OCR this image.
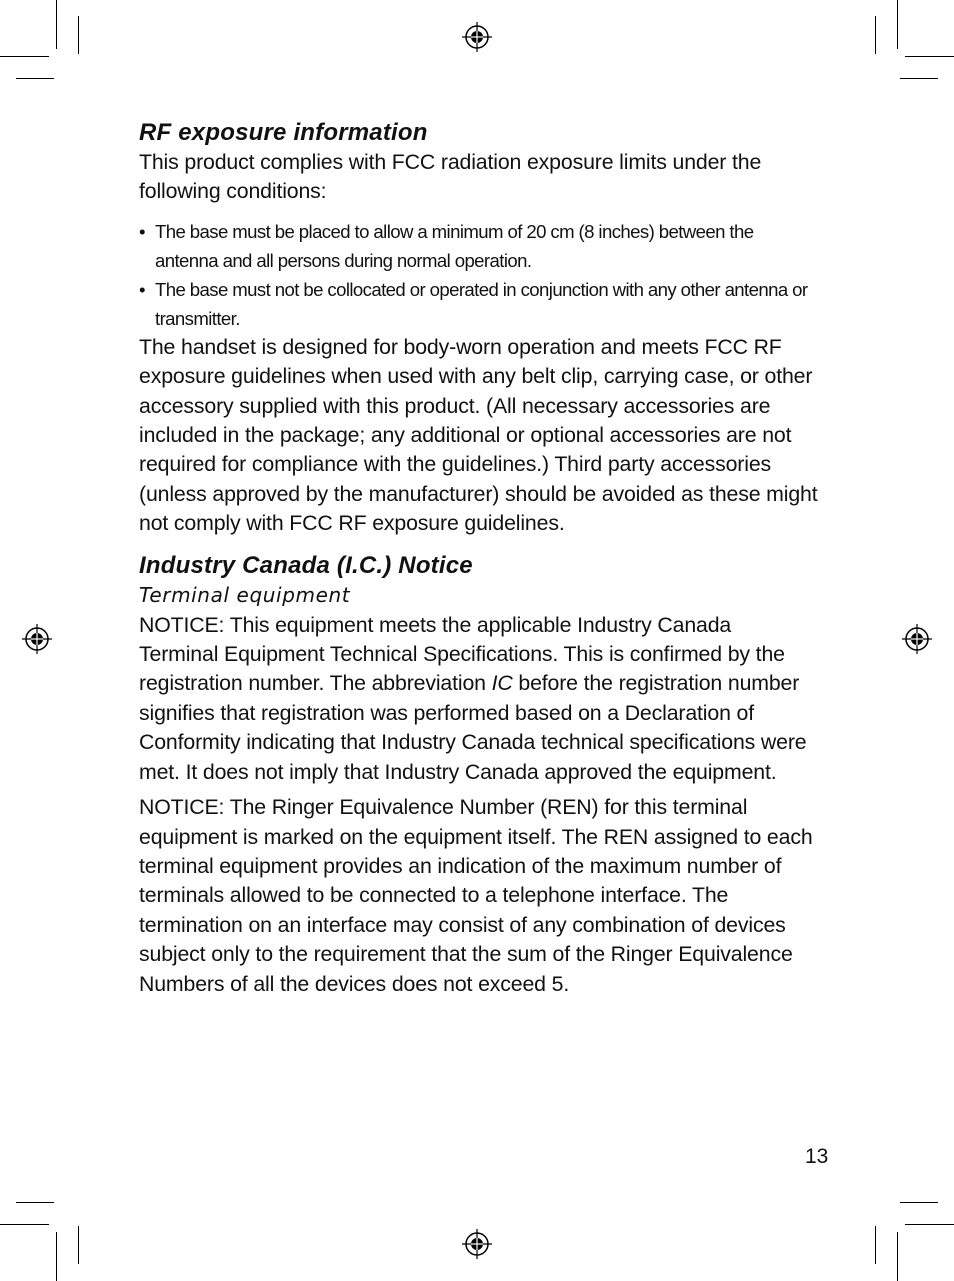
RF exposure information

This product complies with FCC radiation exposure limits under the following conditions:

• The base must be placed to allow a minimum of 20 cm (8 inches) between the antenna and all persons during normal operation.
• The base must not be collocated or operated in conjunction with any other antenna or transmitter.

The handset is designed for body-worn operation and meets FCC RF exposure guidelines when used with any belt clip, carrying case, or other accessory supplied with this product. (All necessary accessories are included in the package; any additional or optional accessories are not required for compliance with the guidelines.) Third party accessories (unless approved by the manufacturer) should be avoided as these might not comply with FCC RF exposure guidelines.

Industry Canada (I.C.) Notice

Terminal equipment

NOTICE: This equipment meets the applicable Industry Canada Terminal Equipment Technical Specifications. This is confirmed by the registration number. The abbreviation IC before the registration number signifies that registration was performed based on a Declaration of Conformity indicating that Industry Canada technical specifications were met. It does not imply that Industry Canada approved the equipment.

NOTICE: The Ringer Equivalence Number (REN) for this terminal equipment is marked on the equipment itself. The REN assigned to each terminal equipment provides an indication of the maximum number of terminals allowed to be connected to a telephone interface. The termination on an interface may consist of any combination of devices subject only to the requirement that the sum of the Ringer Equivalence Numbers of all the devices does not exceed 5.

13
